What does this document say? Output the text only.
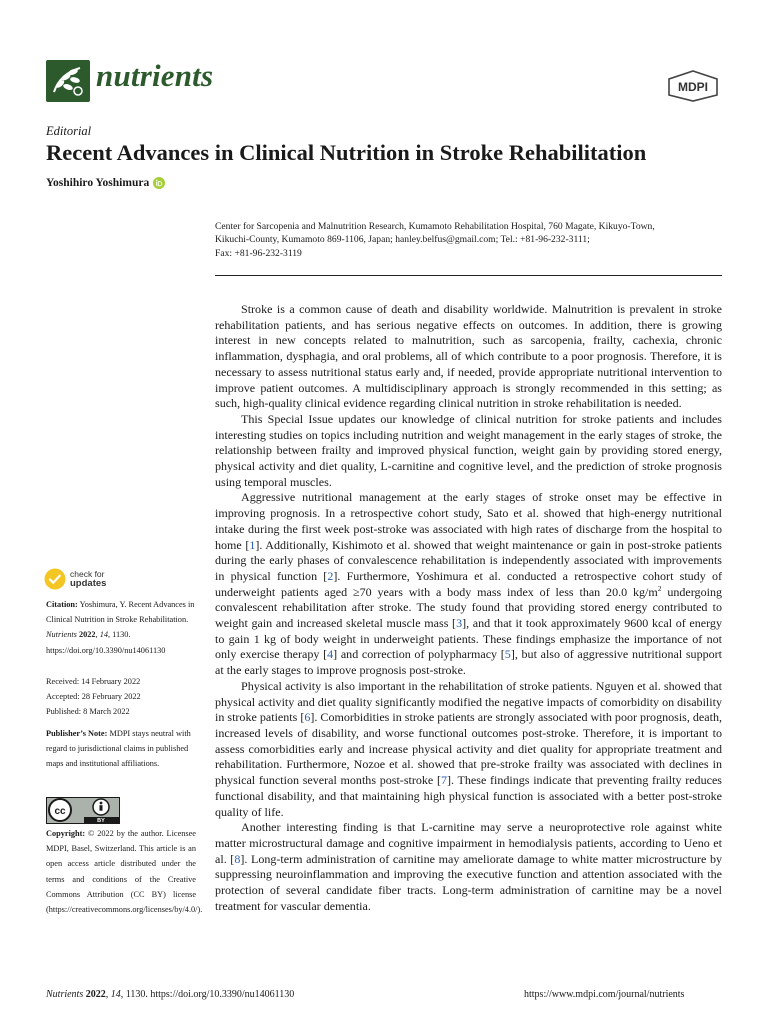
nutrients	MDPI
Editorial
Recent Advances in Clinical Nutrition in Stroke Rehabilitation
Yoshihiro Yoshimura
Center for Sarcopenia and Malnutrition Research, Kumamoto Rehabilitation Hospital, 760 Magate, Kikuyo-Town,
Kikuchi-County, Kumamoto 869-1106, Japan; hanley.belfus@gmail.com; Tel.: +81-96-232-3111;
Fax: +81-96-232-3119

Stroke is a common cause of death and disability worldwide. Malnutrition is prevalent in stroke rehabilitation patients, and has serious negative effects on outcomes. In addition, there is growing interest in new concepts related to malnutrition, such as sarcopenia, frailty, cachexia, chronic inflammation, dysphagia, and oral problems, all of which contribute to a poor prognosis. Therefore, it is necessary to assess nutritional status early and, if needed, provide appropriate nutritional intervention to improve patient outcomes. A multidisciplinary approach is strongly recommended in this setting; as such, high-quality clinical evidence regarding clinical nutrition in stroke rehabilitation is needed.

This Special Issue updates our knowledge of clinical nutrition for stroke patients and includes interesting studies on topics including nutrition and weight management in the early stages of stroke, the relationship between frailty and improved physical function, weight gain by providing stored energy, physical activity and diet quality, L-carnitine and cognitive level, and the prediction of stroke prognosis using temporal muscles.

Aggressive nutritional management at the early stages of stroke onset may be effective in improving prognosis. In a retrospective cohort study, Sato et al. showed that high-energy nutritional intake during the first week post-stroke was associated with high rates of discharge from the hospital to home [1]. Additionally, Kishimoto et al. showed that weight maintenance or gain in post-stroke patients during the early phases of convalescence rehabilitation is independently associated with improvements in physical function [2]. Furthermore, Yoshimura et al. conducted a retrospective cohort study of underweight patients aged ≥70 years with a body mass index of less than 20.0 $kg/m^2$ undergoing convalescent rehabilitation after stroke. The study found that providing stored energy contributed to weight gain and increased skeletal muscle mass [3], and that it took approximately 9600 kcal of energy to gain 1 kg of body weight in underweight patients. These findings emphasize the importance of not only exercise therapy [4] and correction of polypharmacy [5], but also of aggressive nutritional support at the early stages to improve prognosis post-stroke.

Physical activity is also important in the rehabilitation of stroke patients. Nguyen et al. showed that physical activity and diet quality significantly modified the negative impacts of comorbidity on disability in stroke patients [6]. Comorbidities in stroke patients are strongly associated with poor prognosis, death, increased levels of disability, and worse functional outcomes post-stroke. Therefore, it is important to assess comorbidities early and increase physical activity and diet quality for appropriate treatment and rehabilitation. Furthermore, Nozoe et al. showed that pre-stroke frailty was associated with declines in physical function several months post-stroke [7]. These findings indicate that preventing frailty reduces functional disability, and that maintaining high physical function is associated with a better post-stroke quality of life.

Another interesting finding is that L-carnitine may serve a neuroprotective role against white matter microstructural damage and cognitive impairment in hemodialysis patients, according to Ueno et al. [8]. Long-term administration of carnitine may ameliorate damage to white matter microstructure by suppressing neuroinflammation and improving the executive function and attention associated with the protection of several candidate fiber tracts. Long-term administration of carnitine may be a novel treatment for vascular dementia.

check for
updates
Citation: Yoshimura, Y. Recent Advances in Clinical Nutrition in Stroke Rehabilitation. Nutrients 2022, 14, 1130. https://doi.org/10.3390/nu14061130
Received: 14 February 2022
Accepted: 28 February 2022
Published: 8 March 2022
Publisher’s Note: MDPI stays neutral with regard to jurisdictional claims in published maps and institutional affiliations.
cc
BY
Copyright: © 2022 by the author. Licensee MDPI, Basel, Switzerland. This article is an open access article distributed under the terms and conditions of the Creative Commons Attribution (CC BY) license (https://creativecommons.org/licenses/by/4.0/).
Nutrients 2022, 14, 1130. https://doi.org/10.3390/nu14061130	https://www.mdpi.com/journal/nutrients
